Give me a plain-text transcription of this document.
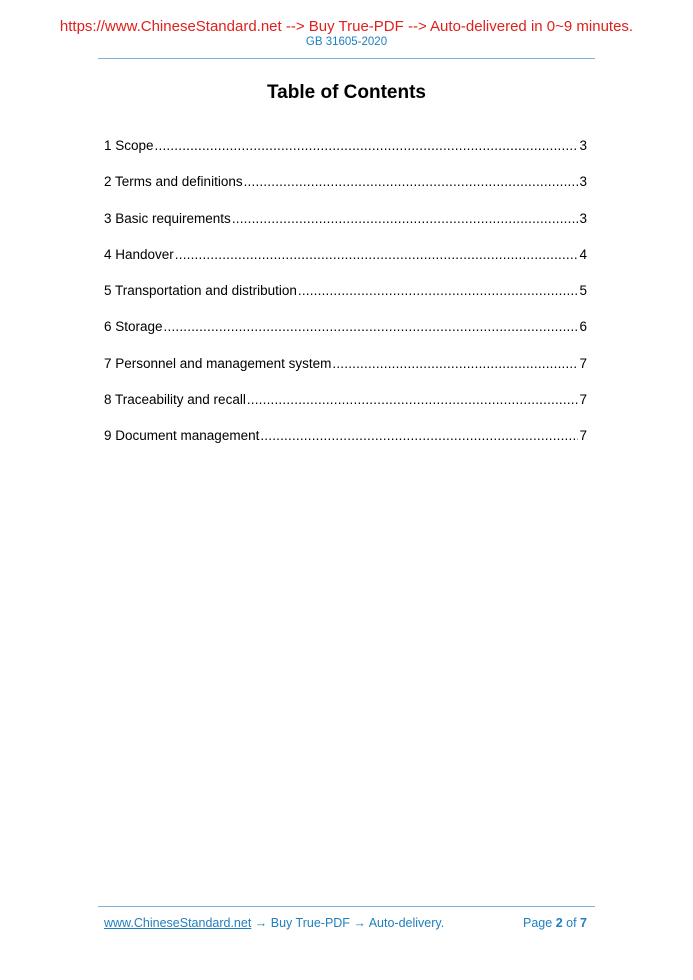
https://www.ChineseStandard.net --> Buy True-PDF --> Auto-delivered in 0~9 minutes.
GB 31605-2020
Table of Contents
1 Scope .....	3
2 Terms and definitions .....	3
3 Basic requirements .....	3
4 Handover .....	4
5 Transportation and distribution .....	5
6 Storage .....	6
7 Personnel and management system .....	7
8 Traceability and recall .....	7
9 Document management .....	7
www.ChineseStandard.net → Buy True-PDF → Auto-delivery.	Page 2 of 7
